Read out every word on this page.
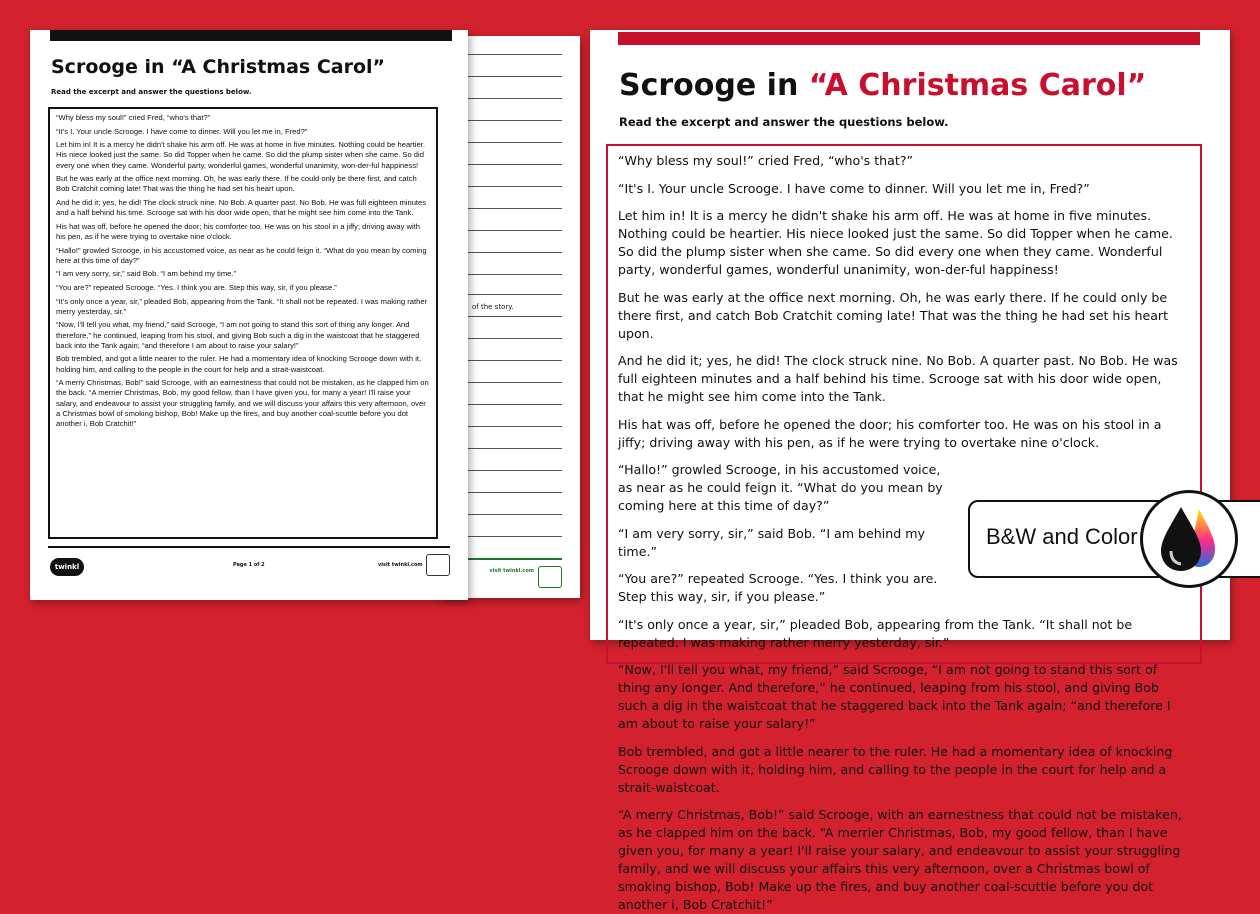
of the story.
visit twinkl.com
Scrooge in “A Christmas Carol”
Read the excerpt and answer the questions below.

“Why bless my soul!” cried Fred, “who's that?”

“It's I. Your uncle Scrooge. I have come to dinner. Will you let me in, Fred?”

Let him in! It is a mercy he didn't shake his arm off. He was at home in five minutes. Nothing could be heartier. His niece looked just the same. So did Topper when he came. So did the plump sister when she came. So did every one when they came. Wonderful party, wonderful games, wonderful unanimity, won-der-ful happiness!

But he was early at the office next morning. Oh, he was early there. If he could only be there first, and catch Bob Cratchit coming late! That was the thing he had set his heart upon.

And he did it; yes, he did! The clock struck nine. No Bob. A quarter past. No Bob. He was full eighteen minutes and a half behind his time. Scrooge sat with his door wide open, that he might see him come into the Tank.

His hat was off, before he opened the door; his comforter too. He was on his stool in a jiffy; driving away with his pen, as if he were trying to overtake nine o'clock.

“Hallo!” growled Scrooge, in his accustomed voice, as near as he could feign it. “What do you mean by coming here at this time of day?”

“I am very sorry, sir,” said Bob. “I am behind my time.”

“You are?” repeated Scrooge. “Yes. I think you are. Step this way, sir, if you please.”

“It's only once a year, sir,” pleaded Bob, appearing from the Tank. “It shall not be repeated. I was making rather merry yesterday, sir.”

“Now, I'll tell you what, my friend,” said Scrooge, “I am not going to stand this sort of thing any longer. And therefore,” he continued, leaping from his stool, and giving Bob such a dig in the waistcoat that he staggered back into the Tank again; “and therefore I am about to raise your salary!”

Bob trembled, and got a little nearer to the ruler. He had a momentary idea of knocking Scrooge down with it, holding him, and calling to the people in the court for help and a strait-waistcoat.

“A merry Christmas, Bob!” said Scrooge, with an earnestness that could not be mistaken, as he clapped him on the back. “A merrier Christmas, Bob, my good fellow, than I have given you, for many a year! I'll raise your salary, and endeavour to assist your struggling family, and we will discuss your affairs this very afternoon, over a Christmas bowl of smoking bishop, Bob! Make up the fires, and buy another coal-scuttle before you dot another i, Bob Cratchit!”

twinkl	Page 1 of 2	visit twinkl.com
Scrooge in “A Christmas Carol”
Read the excerpt and answer the questions below.

“Why bless my soul!” cried Fred, “who's that?”

“It's I. Your uncle Scrooge. I have come to dinner. Will you let me in, Fred?”

Let him in! It is a mercy he didn't shake his arm off. He was at home in five minutes. Nothing could be heartier. His niece looked just the same. So did Topper when he came. So did the plump sister when she came. So did every one when they came. Wonderful party, wonderful games, wonderful unanimity, won-der-ful happiness!

But he was early at the office next morning. Oh, he was early there. If he could only be there first, and catch Bob Cratchit coming late! That was the thing he had set his heart upon.

And he did it; yes, he did! The clock struck nine. No Bob. A quarter past. No Bob. He was full eighteen minutes and a half behind his time. Scrooge sat with his door wide open, that he might see him come into the Tank.

His hat was off, before he opened the door; his comforter too. He was on his stool in a jiffy; driving away with his pen, as if he were trying to overtake nine o'clock.

“Hallo!” growled Scrooge, in his accustomed voice, as near as he could feign it. “What do you mean by coming here at this time of day?”

“I am very sorry, sir,” said Bob. “I am behind my time.”

“You are?” repeated Scrooge. “Yes. I think you are. Step this way, sir, if you please.”

“It's only once a year, sir,” pleaded Bob, appearing from the Tank. “It shall not be repeated. I was making rather merry yesterday, sir.”

“Now, I'll tell you what, my friend,” said Scrooge, “I am not going to stand this sort of thing any longer. And therefore,” he continued, leaping from his stool, and giving Bob such a dig in the waistcoat that he staggered back into the Tank again; “and therefore I am about to raise your salary!”

Bob trembled, and got a little nearer to the ruler. He had a momentary idea of knocking Scrooge down with it, holding him, and calling to the people in the court for help and a strait-waistcoat.

“A merry Christmas, Bob!” said Scrooge, with an earnestness that could not be mistaken, as he clapped him on the back. “A merrier Christmas, Bob, my good fellow, than I have given you, for many a year! I'll raise your salary, and endeavour to assist your struggling family, and we will discuss your affairs this very afternoon, over a Christmas bowl of smoking bishop, Bob! Make up the fires, and buy another coal-scuttle before you dot another i, Bob Cratchit!”

B&W and Color
